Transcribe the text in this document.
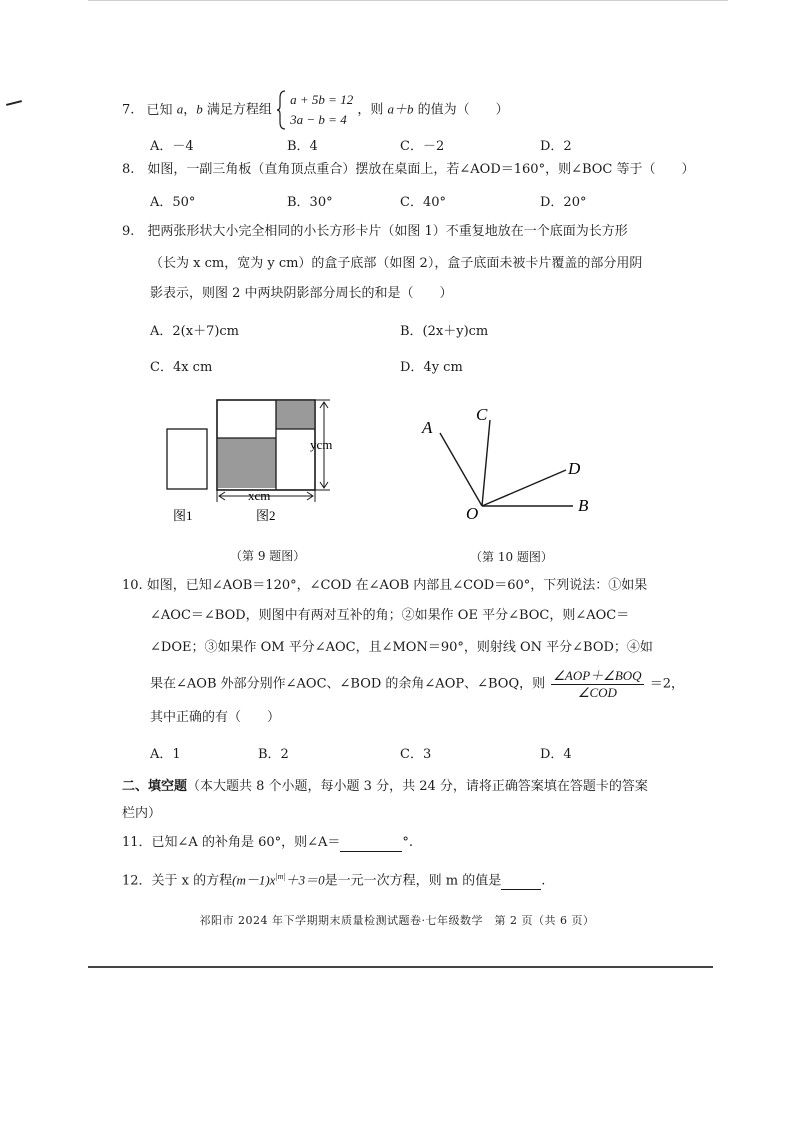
7. 已知 a，b 满足方程组
a + 5b = 12
3a − b = 4
，则 a＋b 的值为（　　）
A．－4	B．4	C．－2	D．2
8.　如图，一副三角板（直角顶点重合）摆放在桌面上，若∠AOD＝160°，则∠BOC 等于（　　）
A．50°	B．30°	C．40°	D．20°
9.　把两张形状大小完全相同的小长方形卡片（如图 1）不重复地放在一个底面为长方形
（长为 x cm，宽为 y cm）的盒子底部（如图 2），盒子底面未被卡片覆盖的部分用阴
影表示，则图 2 中两块阴影部分周长的和是（　　）
A．2(x＋7)cm	B．(2x＋y)cm
C．4x cm	D．4y cm
ycm
xcm
图1	图2
（第 9 题图）
A
C
D
B
O
（第 10 题图）
10. 如图，已知∠AOB＝120°，∠COD 在∠AOB 内部且∠COD＝60°，下列说法：①如果
∠AOC＝∠BOD，则图中有两对互补的角；②如果作 OE 平分∠BOC，则∠AOC＝
∠DOE；③如果作 OM 平分∠AOC，且∠MON＝90°，则射线 ON 平分∠BOD；④如
果在∠AOB 外部分别作∠AOC、∠BOD 的余角∠AOP、∠BOQ，则 $\frac{\text{∠AOP＋∠BOQ}}{\text{∠COD}} =2$，
其中正确的有（　　）
A．1	B．2	C．3	D．4
二、填空题（本大题共 8 个小题，每小题 3 分，共 24 分，请将正确答案填在答题卡的答案
栏内）
11．已知∠A 的补角是 60°，则∠A＝	°.
12．关于 x 的方程$(m-1)x^{|m|}+3=0$是一元一次方程，则 m 的值是	.
祁阳市 2024 年下学期期末质量检测试题卷·七年级数学　第 2 页（共 6 页）
